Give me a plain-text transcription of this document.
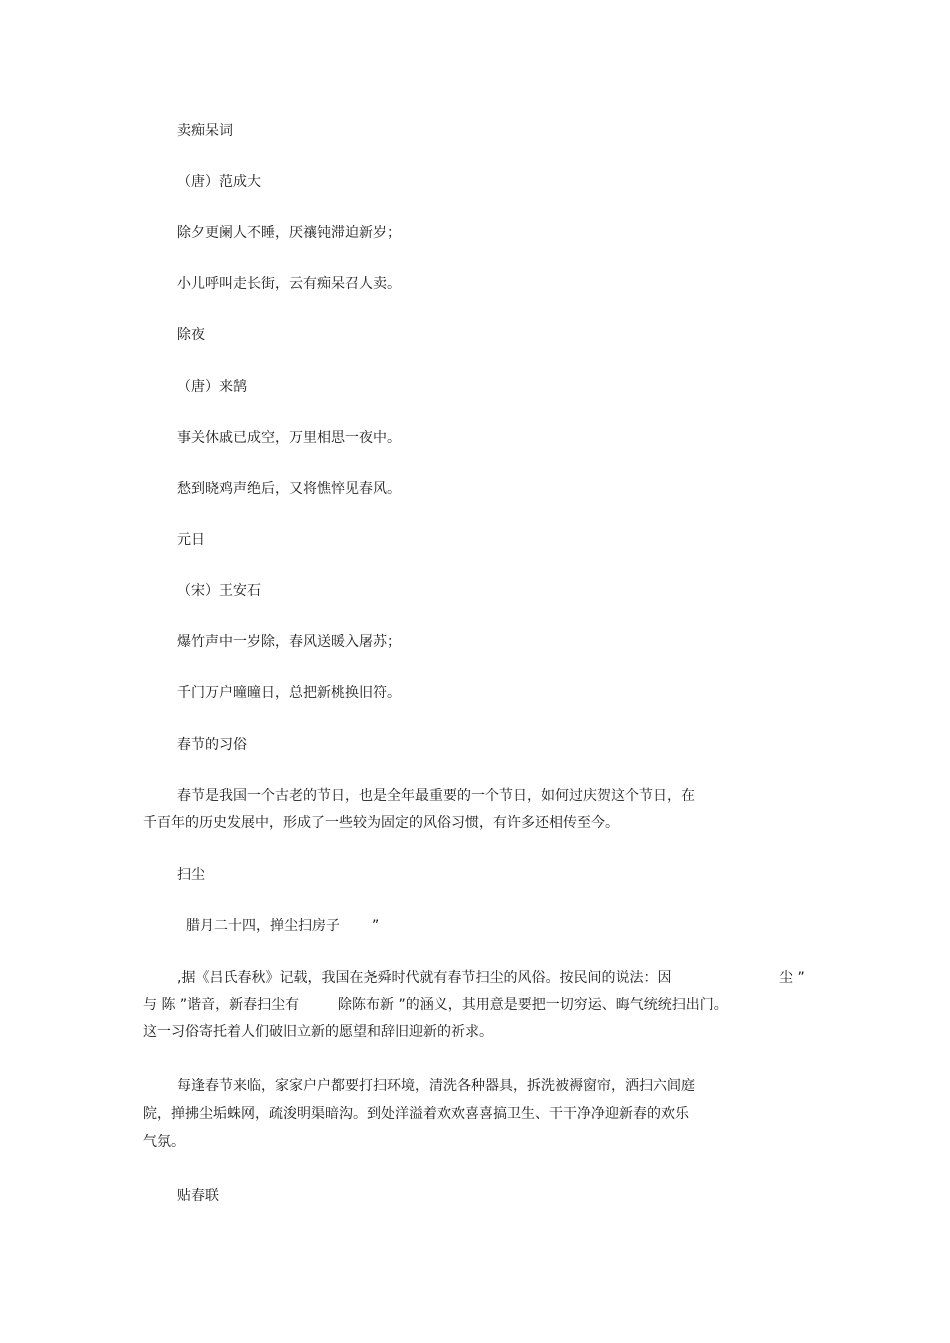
卖痴呆词
（唐）范成大
除夕更阑人不睡，厌禳钝滞迫新岁；
小儿呼叫走长街，云有痴呆召人卖。
除夜
（唐）来鹄
事关休戚已成空，万里相思一夜中。
愁到晓鸡声绝后，又将憔悴见春风。
元日
（宋）王安石
爆竹声中一岁除，春风送暖入屠苏；
千门万户曈曈日，总把新桃换旧符。
春节的习俗
春节是我国一个古老的节日，也是全年最重要的一个节日，如何过庆贺这个节日，在
千百年的历史发展中，形成了一些较为固定的风俗习惯，有许多还相传至今。
扫尘
腊月二十四，掸尘扫房子 ”
,据《吕氏春秋》记载，我国在尧舜时代就有春节扫尘的风俗。按民间的说法：因	尘 ”
与 陈 ”谐音，新春扫尘有	除陈布新 ”的涵义，其用意是要把一切穷运、晦气统统扫出门。
这一习俗寄托着人们破旧立新的愿望和辞旧迎新的祈求。
每逢春节来临，家家户户都要打扫环境，清洗各种器具，拆洗被褥窗帘，洒扫六闾庭
院，掸拂尘垢蛛网，疏浚明渠暗沟。到处洋溢着欢欢喜喜搞卫生、干干净净迎新春的欢乐
气氛。
贴春联
